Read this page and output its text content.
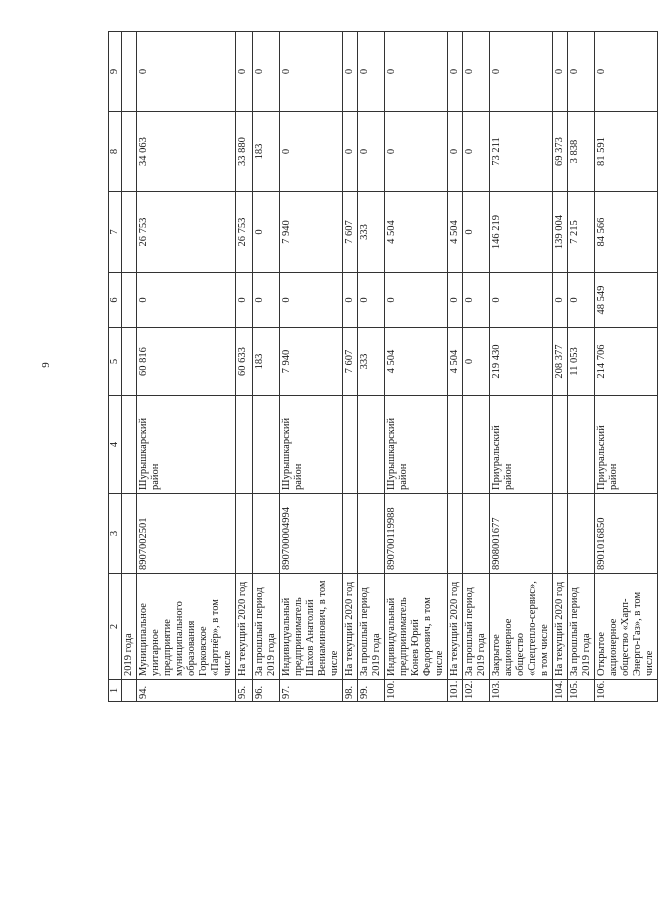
9
1	2	3	4	5	6	7	8	9
	2019 года							
94.	Муниципальное унитарное предприятие муниципального образования Горковское «Партнёр», в том числе	8907002501	Шурышкарский район	60 816	0	26 753	34 063	0
95.	На текущий 2020 год			60 633	0	26 753	33 880	0
96.	За прошлый период 2019 года			183	0	0	183	0
97.	Индивидуальный предприниматель Шахов Анатолий Вениаминович, в том числе	890700004994	Шурышкарский район	7 940	0	7 940	0	0
98.	На текущий 2020 год			7 607	0	7 607	0	0
99.	За прошлый период 2019 года			333	0	333	0	0
100.	Индивидуальный предприниматель Конев Юрий Федорович, в том числе	890700119988	Шурышкарский район	4 504	0	4 504	0	0
101.	На текущий 2020 год			4 504	0	4 504	0	0
102.	За прошлый период 2019 года			0	0	0	0	0
103.	Закрытое акционерное общество «Спецтепло-сервис», в том числе	8908001677	Приуральский район	219 430	0	146 219	73 211	0
104.	На текущий 2020 год			208 377	0	139 004	69 373	0
105.	За прошлый период 2019 года			11 053	0	7 215	3 838	0
106.	Открытое акционерное общество «Харп-Энерго-Газ», в том числе	8901016850	Приуральский район	214 706	48 549	84 566	81 591	0
